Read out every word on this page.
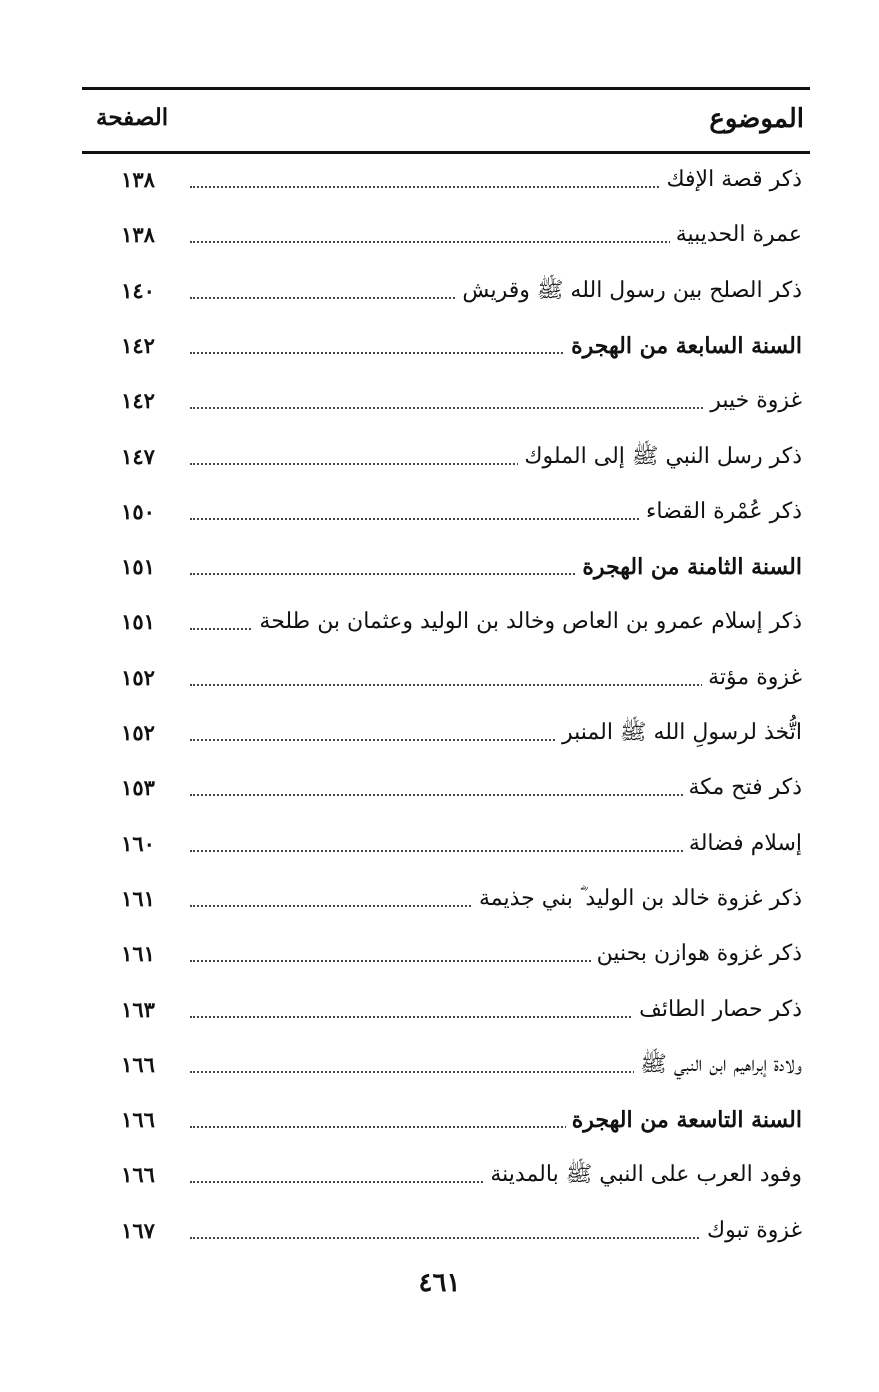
الموضوع
الصفحة
ذكر قصة الإفك
١٣٨
عمرة الحديبية
١٣٨
ذكر الصلح بين رسول الله ﷺ وقريش
١٤٠
السنة السابعة من الهجرة
١٤٢
غزوة خيبر
١٤٢
ذكر رسل النبي ﷺ إلى الملوك
١٤٧
ذكر عُمْرة القضاء
١٥٠
السنة الثامنة من الهجرة
١٥١
ذكر إسلام عمرو بن العاص وخالد بن الوليد وعثمان بن طلحة
١٥١
غزوة مؤتة
١٥٢
اتُّخذ لرسولِ الله ﷺ المنبر
١٥٢
ذكر فتح مكة
١٥٣
إسلام فضالة
١٦٠
ذكر غزوة خالد بن الوليد ؓ بني جذيمة
١٦١
ذكر غزوة هوازن بحنين
١٦١
ذكر حصار الطائف
١٦٣
ولادة إبراهيم ابن النبي ﷺ
١٦٦
السنة التاسعة من الهجرة
١٦٦
وفود العرب على النبي ﷺ بالمدينة
١٦٦
غزوة تبوك
١٦٧
٤٦١
